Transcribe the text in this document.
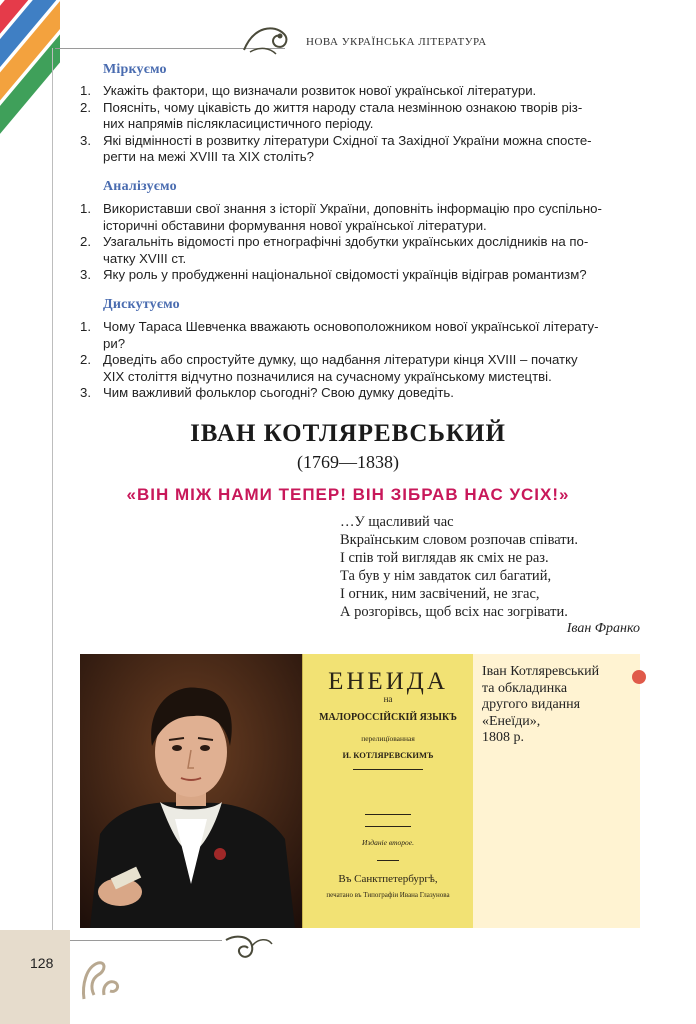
НОВА УКРАЇНСЬКА ЛІТЕРАТУРА
Міркуємо
1. Укажіть фактори, що визначали розвиток нової української літератури.
2. Поясніть, чому цікавість до життя народу стала незмінною ознакою творів різ-
них напрямів післякласицистичного періоду.
3. Які відмінності в розвитку літератури Східної та Західної України можна спосте-
регти на межі XVIII та XIX століть?
Аналізуємо
1. Використавши свої знання з історії України, доповніть інформацію про суспільно-
історичні обставини формування нової української літератури.
2. Узагальніть відомості про етнографічні здобутки українських дослідників на по-
чатку XVIII ст.
3. Яку роль у пробудженні національної свідомості українців відіграв романтизм?
Дискутуємо
1. Чому Тараса Шевченка вважають основоположником нової української літерату-
ри?
2. Доведіть або спростуйте думку, що надбання літератури кінця XVIII – початку
XIX століття відчутно позначилися на сучасному українському мистецтві.
3. Чим важливий фольклор сьогодні? Свою думку доведіть.
ІВАН КОТЛЯРЕВСЬКИЙ
(1769—1838)
«ВІН МІЖ НАМИ ТЕПЕР! ВІН ЗІБРАВ НАС УСІХ!»
…У щасливий час
Вкраїнським словом розпочав співати.
І спів той виглядав як сміх не раз.
Та був у нім завдаток сил багатий,
І огник, ним засвічений, не згас,
А розгорівсь, щоб всіх нас зогрівати.
Іван Франко
ЕНЕИДА
на
МАЛОРОССІЙСКІЙ ЯЗЫКЪ
перелицїованная
И. КОТЛЯРЕВСКИМЪ
Изданіе второе.
Въ Санктпетербургѣ,
печатано въ Типографіи Ивана Глазунова
Іван Котляревський
та обкладинка
другого видання
«Енеїди»,
1808 р.
128
